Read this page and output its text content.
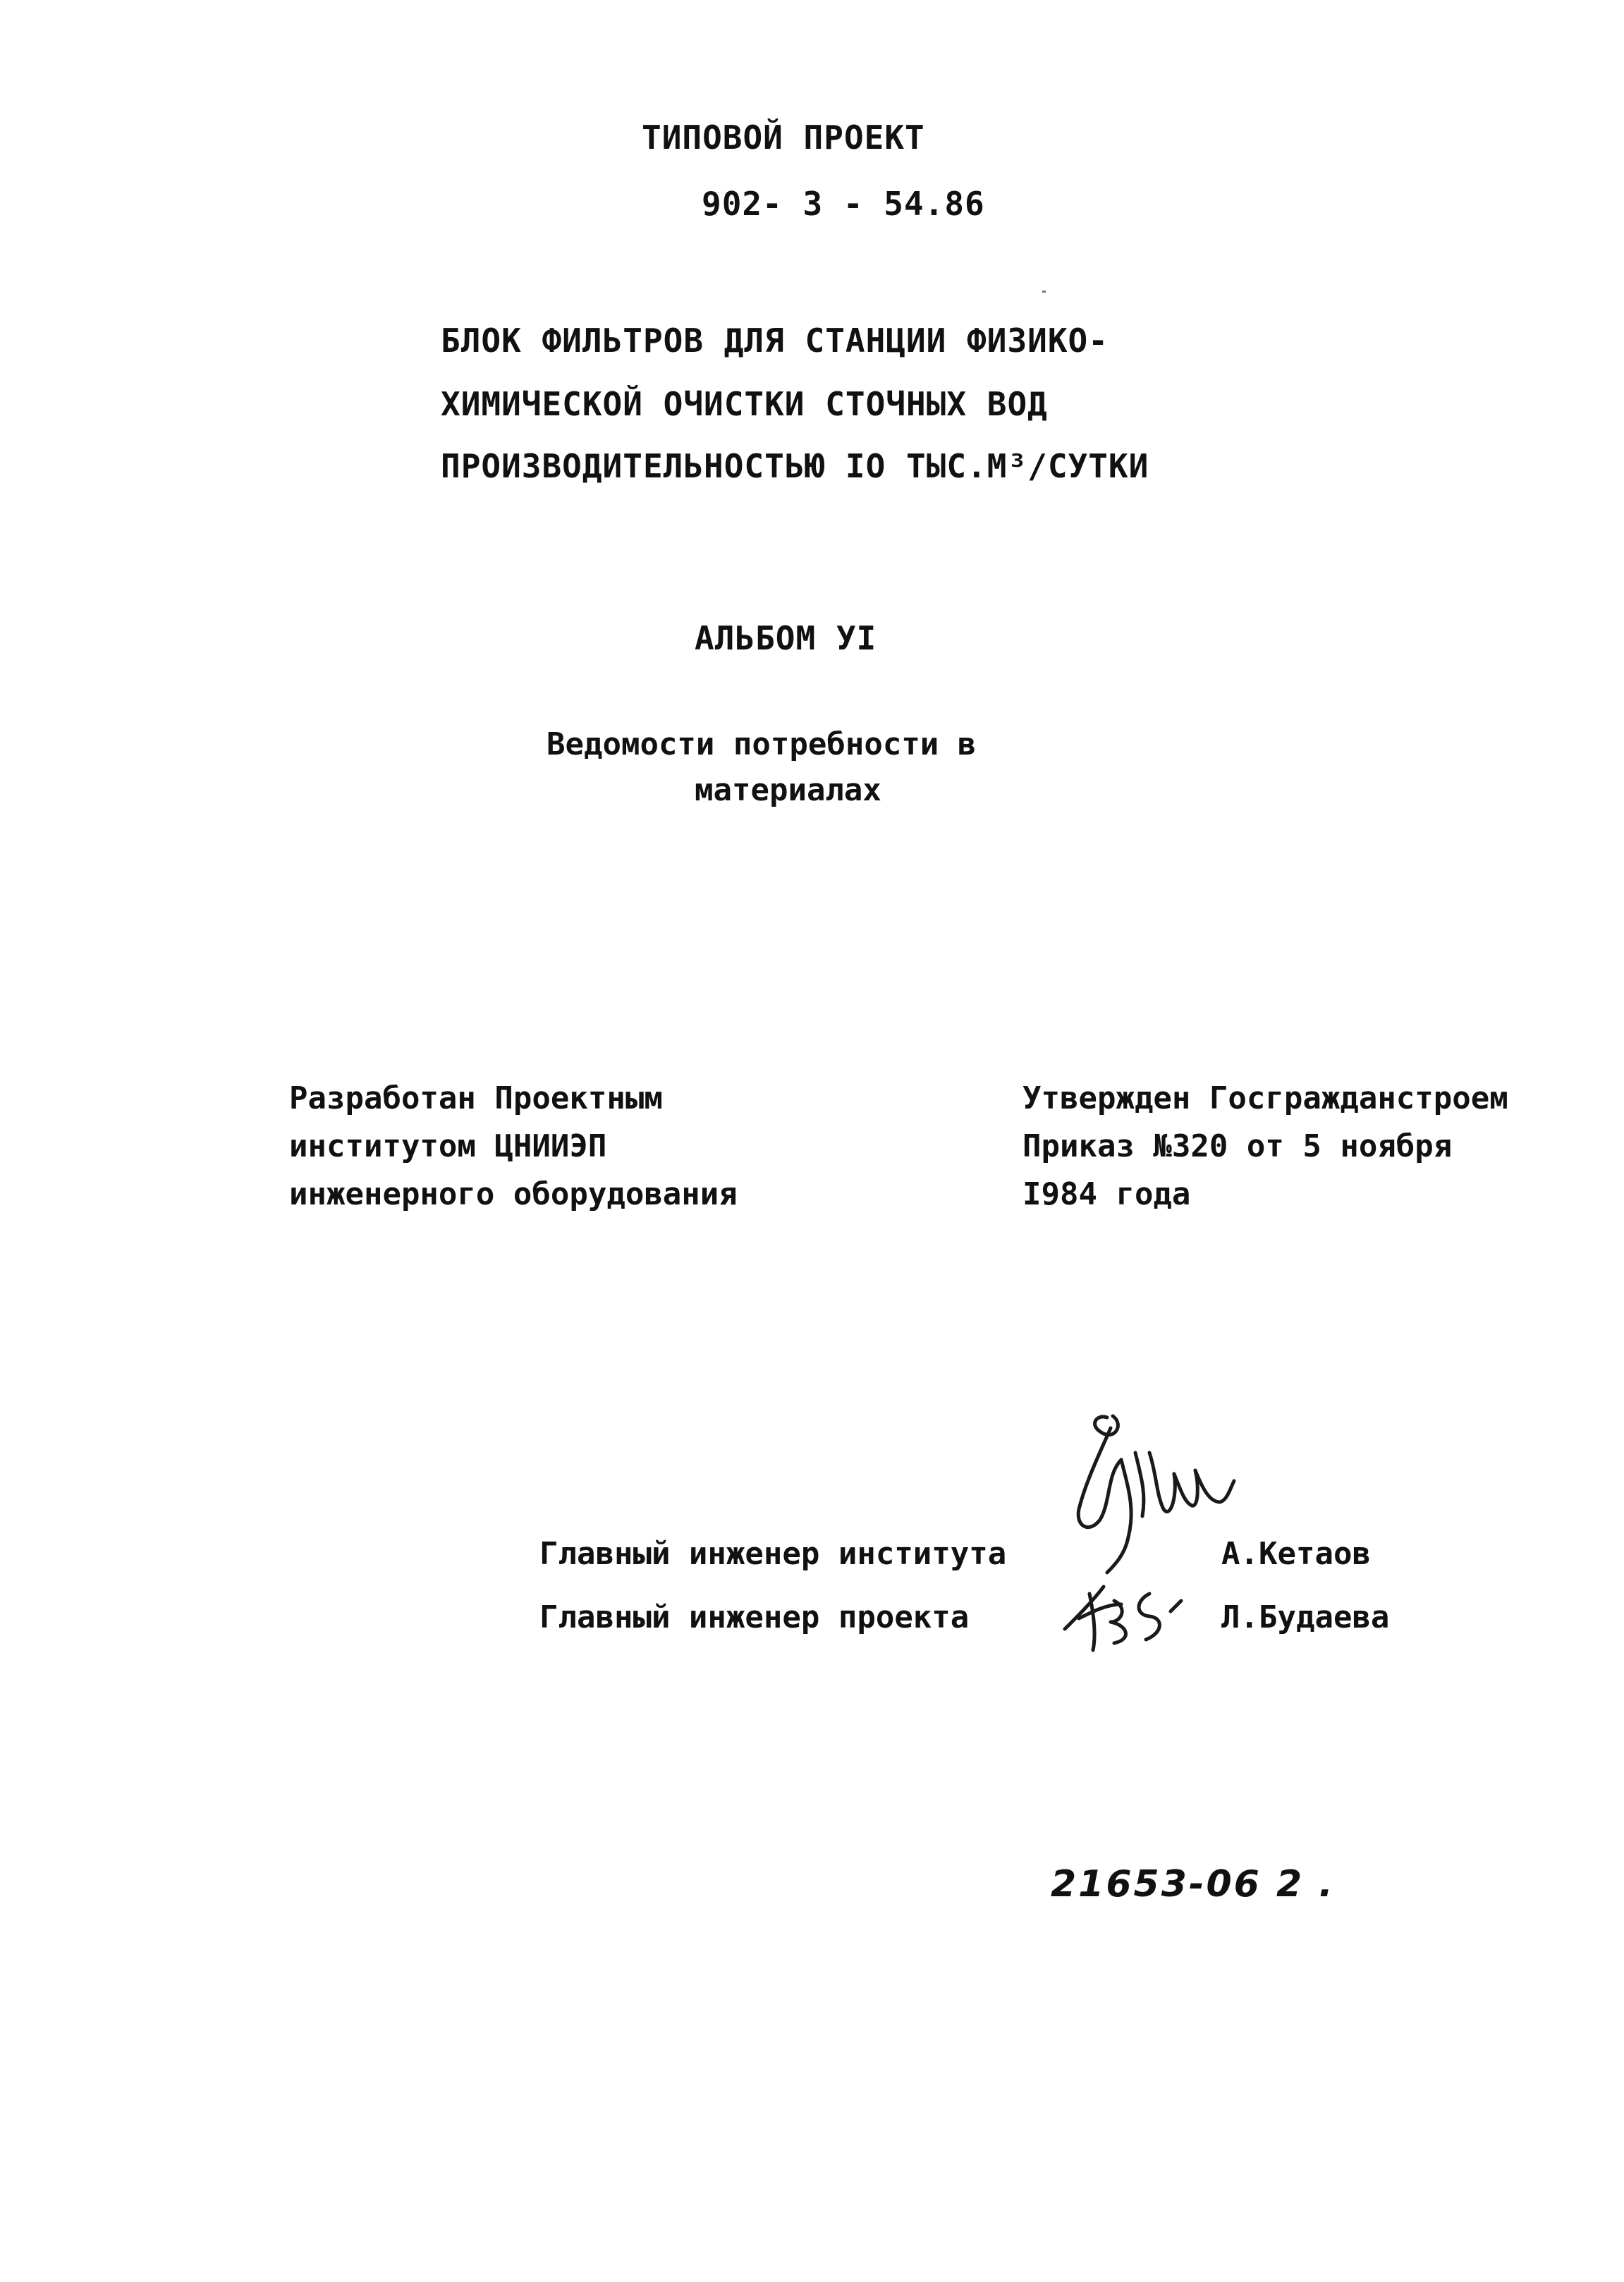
ТИПОВОЙ ПРОЕКТ
902- 3 - 54.86
БЛОК ФИЛЬТРОВ ДЛЯ СТАНЦИИ ФИЗИКО-
ХИМИЧЕСКОЙ ОЧИСТКИ СТОЧНЫХ ВОД
ПРОИЗВОДИТЕЛЬНОСТЬЮ IO ТЫС.М³/СУТКИ
АЛЬБОМ УI
Ведомости потребности в
материалах
Разработан Проектным
институтом ЦНИИЭП
инженерного оборудования
Утвержден Госгражданстроем
Приказ №320 от 5 ноября
I984 года
Главный инженер института	А.Кетаов
Главный инженер проекта	Л.Будаева
21653-06 2 .
